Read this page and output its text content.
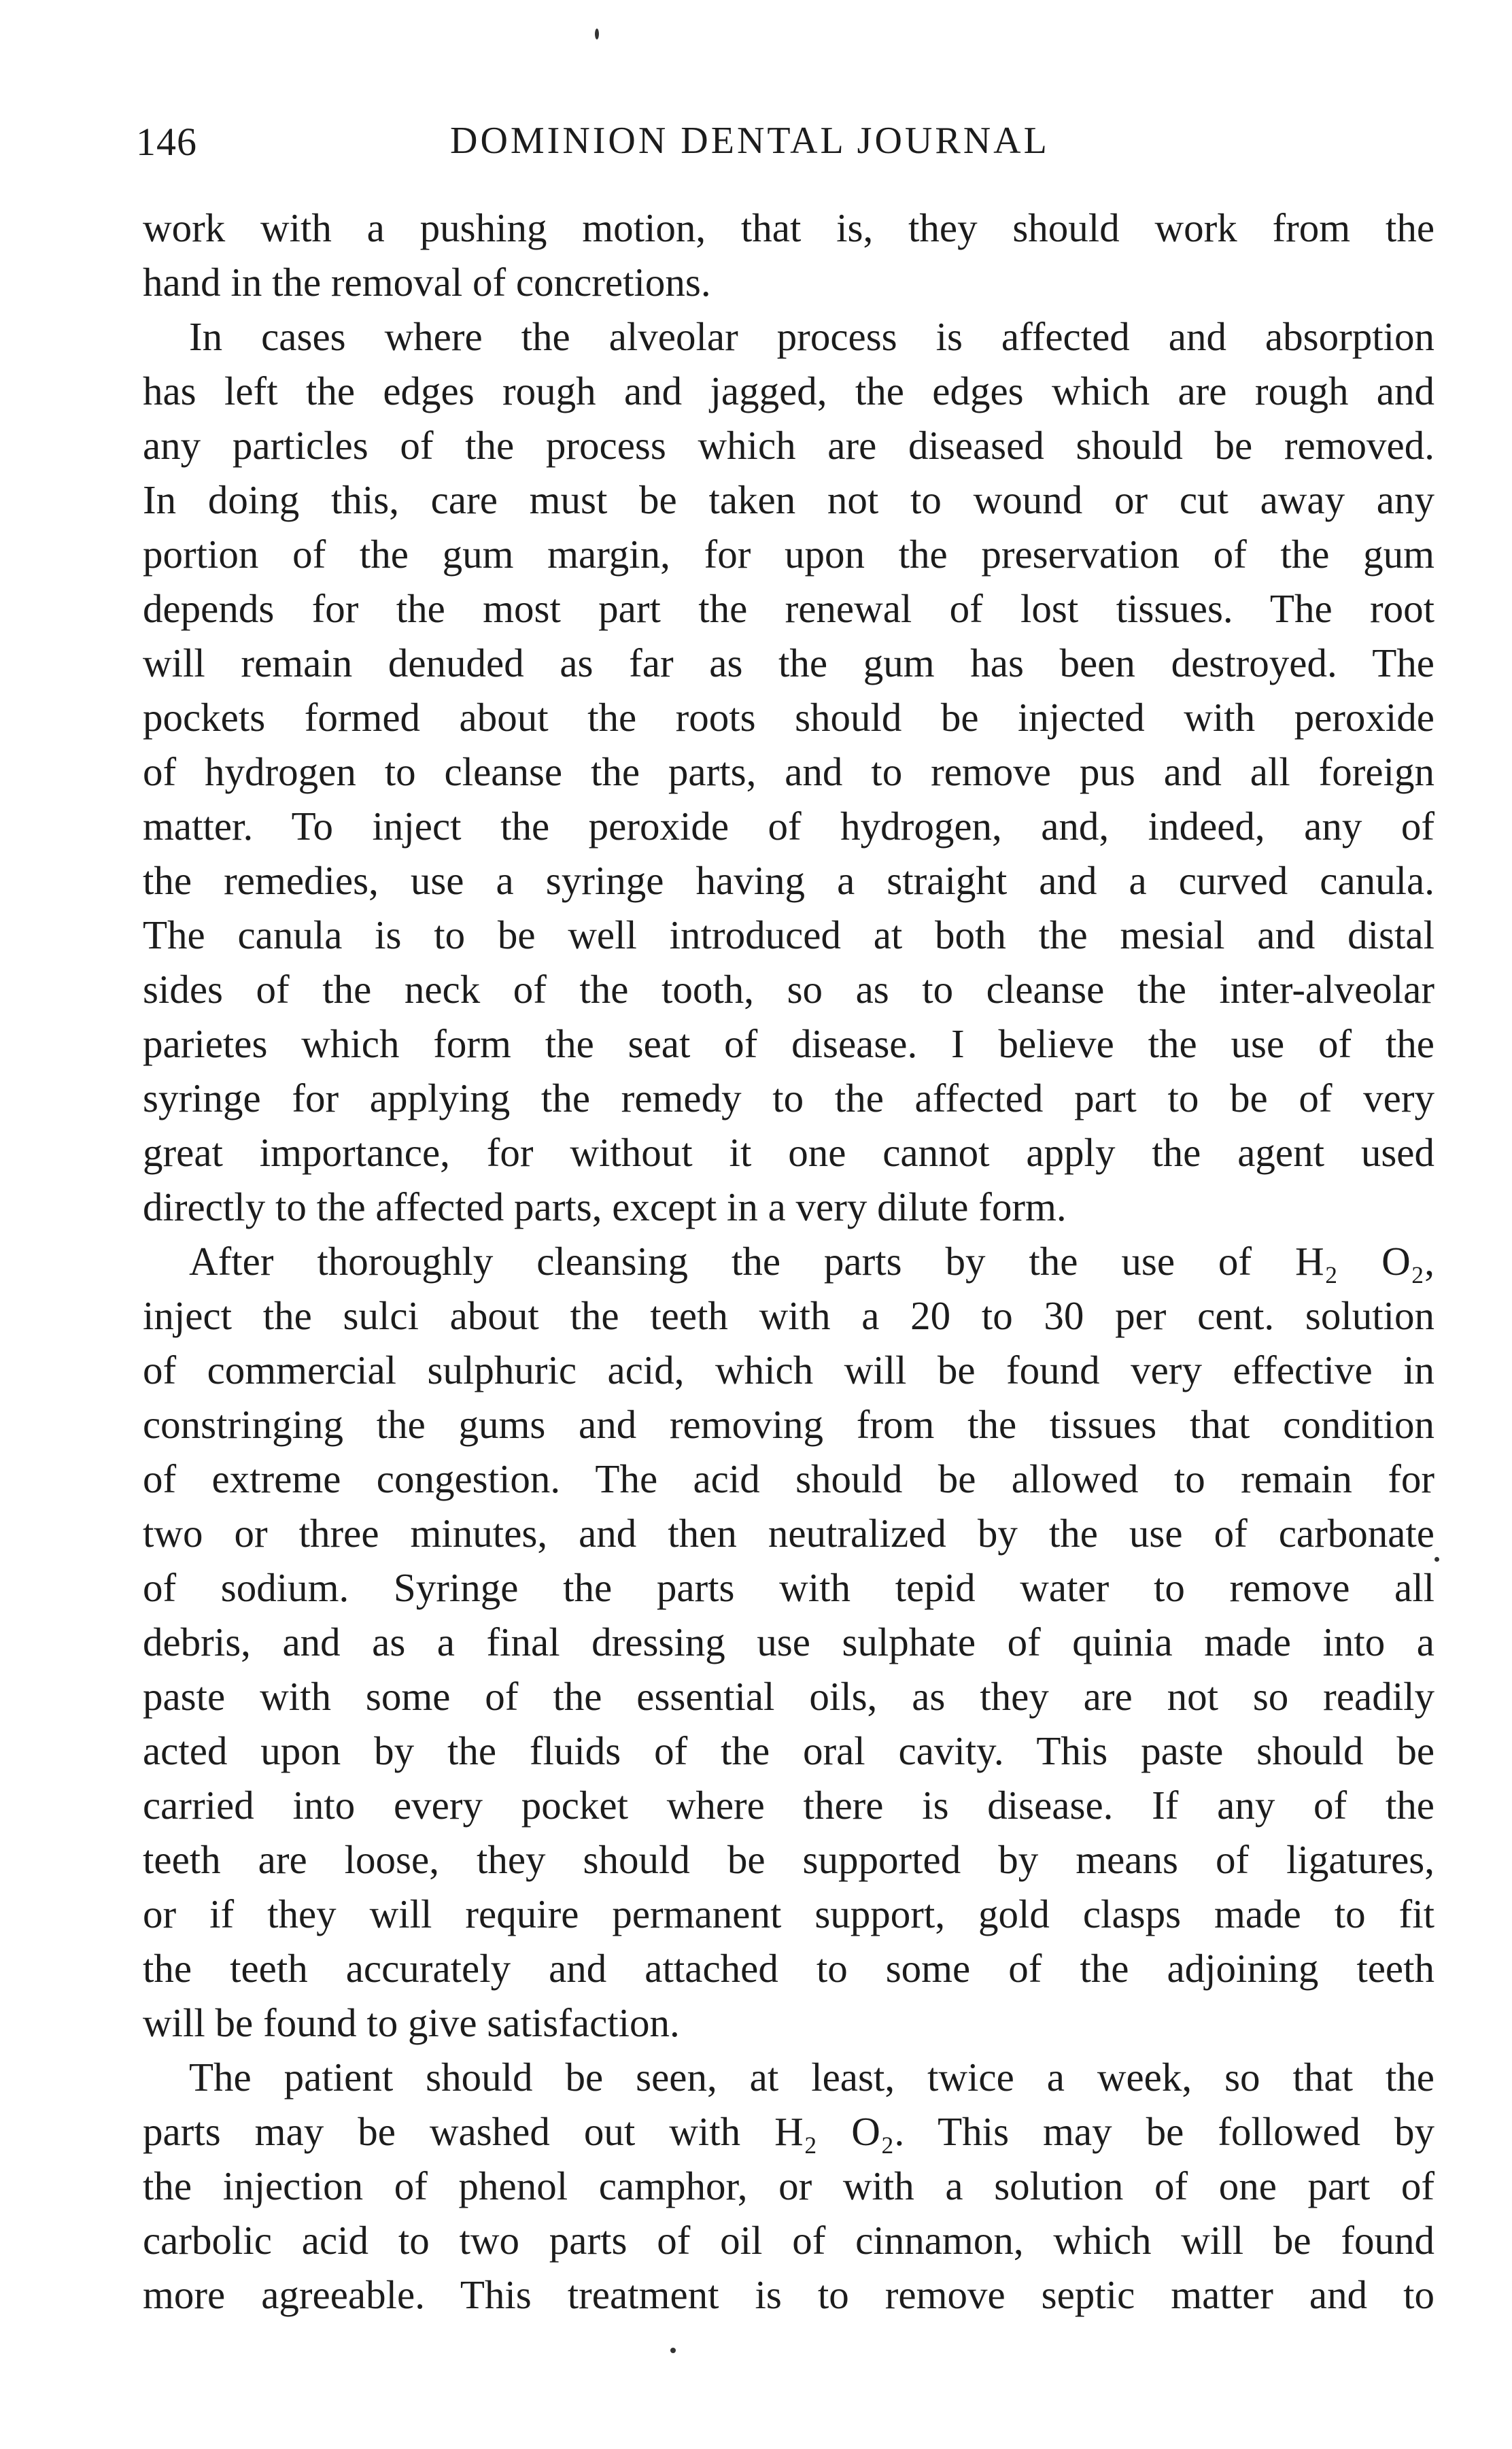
146	DOMINION DENTAL JOURNAL
work with a pushing motion, that is, they should work from the
hand in the removal of concretions.
In cases where the alveolar process is affected and absorption
has left the edges rough and jagged, the edges which are rough and
any particles of the process which are diseased should be removed.
In doing this, care must be taken not to wound or cut away any
portion of the gum margin, for upon the preservation of the gum
depends for the most part the renewal of lost tissues. The root
will remain denuded as far as the gum has been destroyed. The
pockets formed about the roots should be injected with peroxide
of hydrogen to cleanse the parts, and to remove pus and all foreign
matter. To inject the peroxide of hydrogen, and, indeed, any of
the remedies, use a syringe having a straight and a curved canula.
The canula is to be well introduced at both the mesial and distal
sides of the neck of the tooth, so as to cleanse the inter-alveolar
parietes which form the seat of disease. I believe the use of the
syringe for applying the remedy to the affected part to be of very
great importance, for without it one cannot apply the agent used
directly to the affected parts, except in a very dilute form.
After thoroughly cleansing the parts by the use of H₂ O₂,
inject the sulci about the teeth with a 20 to 30 per cent. solution
of commercial sulphuric acid, which will be found very effective in
constringing the gums and removing from the tissues that condition
of extreme congestion. The acid should be allowed to remain for
two or three minutes, and then neutralized by the use of carbonate
of sodium. Syringe the parts with tepid water to remove all
debris, and as a final dressing use sulphate of quinia made into a
paste with some of the essential oils, as they are not so readily
acted upon by the fluids of the oral cavity. This paste should be
carried into every pocket where there is disease. If any of the
teeth are loose, they should be supported by means of ligatures,
or if they will require permanent support, gold clasps made to fit
the teeth accurately and attached to some of the adjoining teeth
will be found to give satisfaction.
The patient should be seen, at least, twice a week, so that the
parts may be washed out with H₂ O₂. This may be followed by
the injection of phenol camphor, or with a solution of one part of
carbolic acid to two parts of oil of cinnamon, which will be found
more agreeable. This treatment is to remove septic matter and to
